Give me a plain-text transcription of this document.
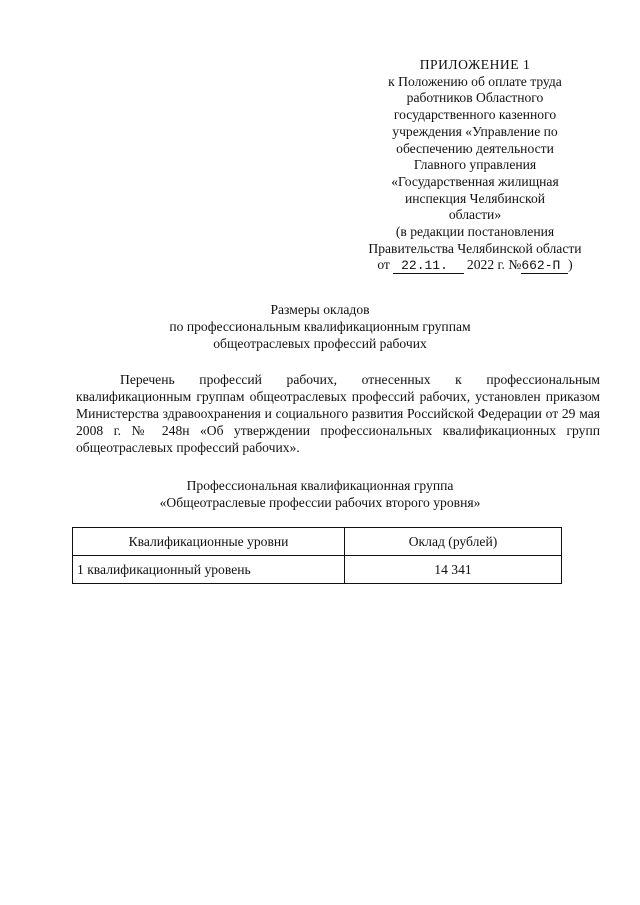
ПРИЛОЖЕНИЕ 1
к Положению об оплате труда
работников Областного
государственного казенного
учреждения «Управление по
обеспечению деятельности
Главного управления
«Государственная жилищная
инспекция Челябинской
области»
(в редакции постановления
Правительства Челябинской области
от 22.11. 2022 г. №662-П )
Размеры окладов
по профессиональным квалификационным группам
общеотраслевых профессий рабочих

Перечень профессий рабочих, отнесенных к профессиональным квалификационным группам общеотраслевых профессий рабочих, установлен приказом Министерства здравоохранения и социального развития Российской Федерации от 29 мая 2008 г. № 248н «Об утверждении профессиональных квалификационных групп общеотраслевых профессий рабочих».

Профессиональная квалификационная группа
«Общеотраслевые профессии рабочих второго уровня»
Квалификационные уровни	Оклад (рублей)
1 квалификационный уровень	14 341
